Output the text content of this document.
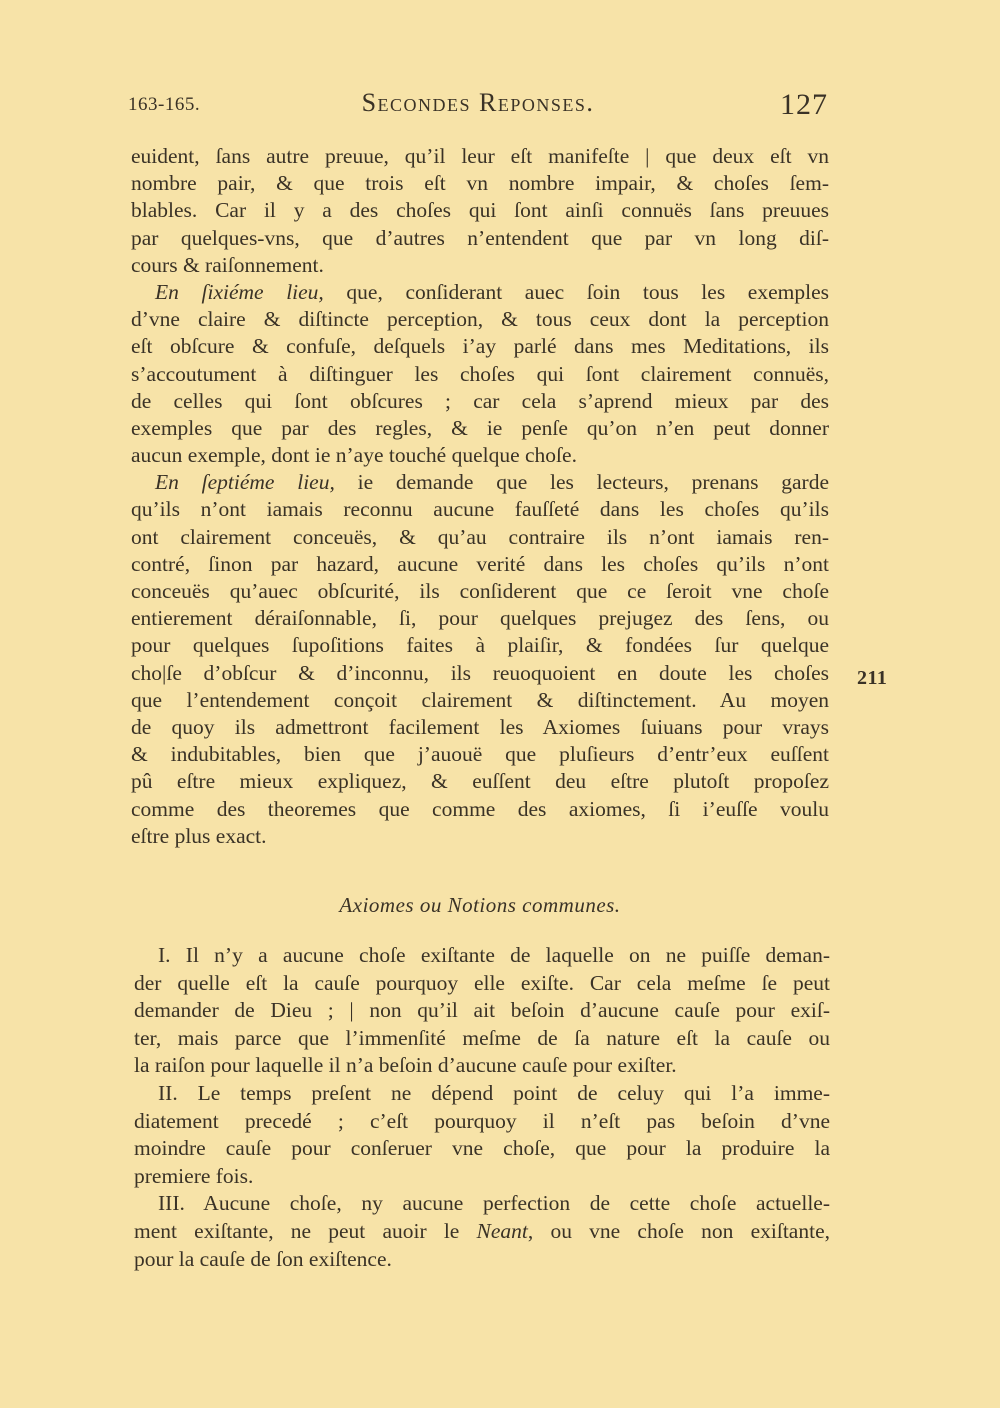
163-165.	Secondes Reponses.	127
euident, ſans autre preuue, qu’il leur eſt manifeſte | que deux eſt vn
nombre pair, & que trois eſt vn nombre impair, & choſes ſem-
blables. Car il y a des choſes qui ſont ainſi connuës ſans preuues
par quelques-vns, que d’autres n’entendent que par vn long diſ-
cours & raiſonnement.
En ſixiéme lieu, que, conſiderant auec ſoin tous les exemples
d’vne claire & diſtincte perception, & tous ceux dont la perception
eſt obſcure & confuſe, deſquels i’ay parlé dans mes Meditations, ils
s’accoutument à diſtinguer les choſes qui ſont clairement connuës,
de celles qui ſont obſcures ; car cela s’aprend mieux par des
exemples que par des regles, & ie penſe qu’on n’en peut donner
aucun exemple, dont ie n’aye touché quelque choſe.
En ſeptiéme lieu, ie demande que les lecteurs, prenans garde
qu’ils n’ont iamais reconnu aucune fauſſeté dans les choſes qu’ils
ont clairement conceuës, & qu’au contraire ils n’ont iamais ren-
contré, ſinon par hazard, aucune verité dans les choſes qu’ils n’ont
conceuës qu’auec obſcurité, ils conſiderent que ce ſeroit vne choſe
entierement déraiſonnable, ſi, pour quelques prejugez des ſens, ou
pour quelques ſupoſitions faites à plaiſir, & fondées ſur quelque
cho|ſe d’obſcur & d’inconnu, ils reuoquoient en doute les choſes
que l’entendement conçoit clairement & diſtinctement. Au moyen
de quoy ils admettront facilement les Axiomes ſuiuans pour vrays
& indubitables, bien que j’auouë que pluſieurs d’entr’eux euſſent
pû eſtre mieux expliquez, & euſſent deu eſtre plutoſt propoſez
comme des theoremes que comme des axiomes, ſi i’euſſe voulu
eſtre plus exact.
211
Axiomes ou Notions communes.
I. Il n’y a aucune choſe exiſtante de laquelle on ne puiſſe deman-
der quelle eſt la cauſe pourquoy elle exiſte. Car cela meſme ſe peut
demander de Dieu ; | non qu’il ait beſoin d’aucune cauſe pour exiſ-
ter, mais parce que l’immenſité meſme de ſa nature eſt la cauſe ou
la raiſon pour laquelle il n’a beſoin d’aucune cauſe pour exiſter.
II. Le temps preſent ne dépend point de celuy qui l’a imme-
diatement precedé ; c’eſt pourquoy il n’eſt pas beſoin d’vne
moindre cauſe pour conſeruer vne choſe, que pour la produire la
premiere fois.
III. Aucune choſe, ny aucune perfection de cette choſe actuelle-
ment exiſtante, ne peut auoir le Neant, ou vne choſe non exiſtante,
pour la cauſe de ſon exiſtence.
